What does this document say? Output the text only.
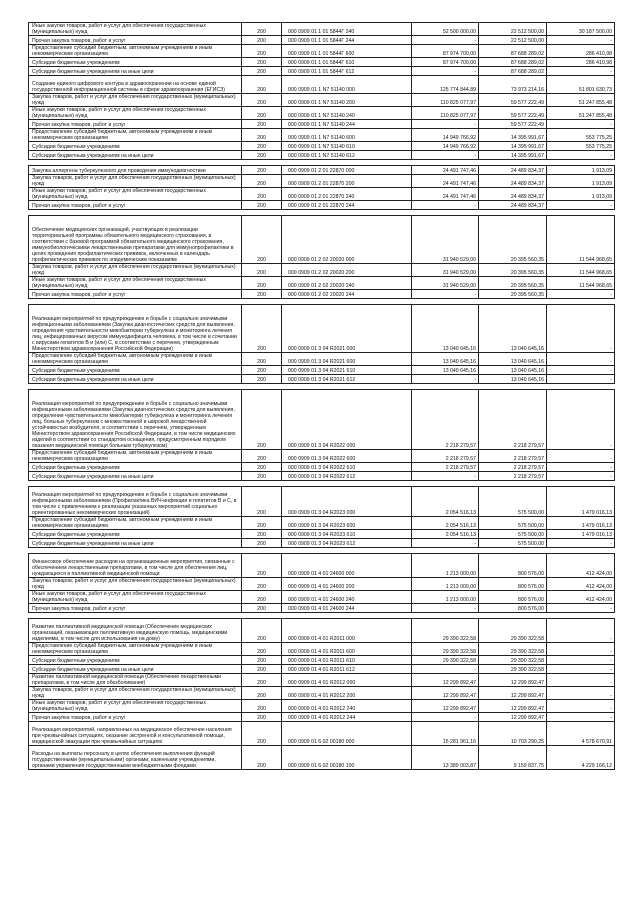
Иные закупки товаров, работ и услуг для обеспечения государственных (муниципальных) нужд	200	000 0909 01 1 01 5844Г 240	52 500 000,00	22 512 500,00	30 187 500,00
Прочая закупка товаров, работ и услуг	200	000 0909 01 1 01 5844Г 244	-	22 512 500,00	-
Предоставление субсидий бюджетным, автономным учреждениям и иным некоммерческим организациям	200	000 0909 01 1 01 5844Г 600	87 974 700,00	87 688 289,02	286 410,98
Субсидии бюджетным учреждениям	200	000 0909 01 1 01 5844Г 610	87 974 700,00	87 688 289,02	286 410,98
Субсидии бюджетным учреждениям на иные цели	200	000 0909 01 1 01 5844Г 612	-	87 688 289,02	-
Создание единого цифрового контура в здравоохранении на основе единой государственной информационной системы в сфере здравоохранения (ЕГИСЗ)	200	000 0909 01 1 N7 51140 000	125 774 844,89	73 973 214,16	51 801 630,73
Закупка товаров, работ и услуг для обеспечения государственных (муниципальных) нужд	200	000 0909 01 1 N7 51140 200	110 825 077,97	59 577 222,49	51 247 855,48
Иные закупки товаров, работ и услуг для обеспечения государственных (муниципальных) нужд	200	000 0909 01 1 N7 51140 240	110 825 077,97	59 577 222,49	51 247 855,48
Прочая закупка товаров, работ и услуг	200	000 0909 01 1 N7 51140 244	-	59 577 222,49	-
Предоставление субсидий бюджетным, автономным учреждениям и иным некоммерческим организациям	200	000 0909 01 1 N7 51140 600	14 949 766,92	14 395 991,67	553 775,25
Субсидии бюджетным учреждениям	200	000 0909 01 1 N7 51140 610	14 949 766,92	14 395 991,67	553 775,25
Субсидии бюджетным учреждениям на иные цели	200	000 0909 01 1 N7 51140 612	-	14 395 991,67	-

Закупка аллергена туберкулезного для проведения иммунодиагностики	200	000 0909 01 2 01 22870 000	24 491 747,46	24 489 834,37	1 913,09
Закупка товаров, работ и услуг для обеспечения государственных (муниципальных) нужд	200	000 0909 01 2 01 22870 200	24 491 747,46	24 489 834,37	1 913,09
Иные закупки товаров, работ и услуг для обеспечения государственных (муниципальных) нужд	200	000 0909 01 2 01 22870 240	24 491 747,46	24 489 834,37	1 913,09
Прочая закупка товаров, работ и услуг	200	000 0909 01 2 01 22870 244	-	24 489 834,37	-

Обеспечение медицинских организаций, участвующих в реализации территориальной программы обязательного медицинского страхования, в соответствии с базовой программой обязательного медицинского страхования, иммунобиологическими лекарственными препаратами для иммунопрофилактики в целях проведения профилактических прививок, включенных в календарь профилактических прививок по эпидемическим показаниям	200	000 0909 01 2 02 20020 000	31 940 529,00	20 395 560,35	11 544 968,65
Закупка товаров, работ и услуг для обеспечения государственных (муниципальных) нужд	200	000 0909 01 2 02 20020 200	31 940 529,00	20 395 560,35	11 544 968,65
Иные закупки товаров, работ и услуг для обеспечения государственных (муниципальных) нужд	200	000 0909 01 2 02 20020 240	31 940 529,00	20 395 560,35	11 544 968,65
Прочая закупка товаров, работ и услуг	200	000 0909 01 2 02 20020 244	-	20 395 560,35	-

Реализация мероприятий по предупреждению и борьбе с социально значимыми инфекционными заболеваниями (Закупка диагностических средств для выявления, определения чувствительности микобактерии туберкулеза и мониторинга лечения лиц, инфицированных вирусом иммунодефицита человека, в том числе в сочетании с вирусами гепатитов В и (или) С, в соответствии с перечнем, утвержденным Министерством здравоохранения Российской Федерации)	200	000 0909 01 3 04 R2021 000	13 040 645,16	13 040 645,16	-
Предоставление субсидий бюджетным, автономным учреждениям и иным некоммерческим организациям	200	000 0909 01 3 04 R2021 600	13 040 645,16	13 040 645,16	-
Субсидии бюджетным учреждениям	200	000 0909 01 3 04 R2021 610	13 040 645,16	13 040 645,16	-
Субсидии бюджетным учреждениям на иные цели	200	000 0909 01 3 04 R2021 612	-	13 040 645,16	-

Реализация мероприятий по предупреждению и борьбе с социально значимыми инфекционными заболеваниями (Закупка диагностических средств для выявления, определения чувствительности микобактерии туберкулеза и мониторинга лечения лиц, больных туберкулезом с множественной и широкой лекарственной устойчивостью возбудителя, в соответствии с перечнем, утвержденным Министерством здравоохранения Российской Федерации, в том числе медицинских изделий в соответствии со стандартом оснащения, предусмотренным порядком оказания медицинской помощи больным туберкулезом)	200	000 0909 01 3 04 R2022 000	2 218 279,57	2 218 279,57	-
Предоставление субсидий бюджетным, автономным учреждениям и иным некоммерческим организациям	200	000 0909 01 3 04 R2022 600	2 218 279,57	2 218 279,57	-
Субсидии бюджетным учреждениям	200	000 0909 01 3 04 R2022 610	2 218 279,57	2 218 279,57	-
Субсидии бюджетным учреждениям на иные цели	200	000 0909 01 3 04 R2022 612	-	2 218 279,57	-

Реализация мероприятий по предупреждению и борьбе с социально значимыми инфекционными заболеваниями (Профилактика ВИЧ-инфекции и гепатитов В и С, в том числе с привлечением к реализации указанных мероприятий социально ориентированных некоммерческих организаций)	200	000 0909 01 3 04 R2023 000	2 054 516,13	575 500,00	1 479 016,13
Предоставление субсидий бюджетным, автономным учреждениям и иным некоммерческим организациям	200	000 0909 01 3 04 R2023 600	2 054 516,13	575 500,00	1 479 016,13
Субсидии бюджетным учреждениям	200	000 0909 01 3 04 R2023 610	2 054 516,13	575 500,00	1 479 016,13
Субсидии бюджетным учреждениям на иные цели	200	000 0909 01 3 04 R2023 612	-	575 500,00	-

Финансовое обеспечение расходов на организационные мероприятия, связанные с обеспечением лекарственными препаратами, в том числе для обеспечения лиц, нуждающихся в паллиативной медицинской помощи	200	000 0909 01 4 01 24600 000	1 213 000,00	800 576,00	412 424,00
Закупка товаров, работ и услуг для обеспечения государственных (муниципальных) нужд	200	000 0909 01 4 01 24600 200	1 213 000,00	800 576,00	412 424,00
Иные закупки товаров, работ и услуг для обеспечения государственных (муниципальных) нужд	200	000 0909 01 4 01 24600 240	1 213 000,00	800 576,00	412 424,00
Прочая закупка товаров, работ и услуг	200	000 0909 01 4 01 24600 244	-	800 576,00	-

Развитие паллиативной медицинской помощи (Обеспечение медицинских организаций, оказывающих паллиативную медицинскую помощь, медицинскими изделиями, в том числе для использования на дому)	200	000 0909 01 4 01 R2011 000	29 390 322,58	29 390 322,58	-
Предоставление субсидий бюджетным, автономным учреждениям и иным некоммерческим организациям	200	000 0909 01 4 01 R2011 600	29 390 322,58	29 390 322,58	-
Субсидии бюджетным учреждениям	200	000 0909 01 4 01 R2011 610	29 390 322,58	29 390 322,58	-
Субсидии бюджетным учреждениям на иные цели	200	000 0909 01 4 01 R2011 612	-	29 390 322,58	-
Развитие паллиативной медицинской помощи (Обеспечение лекарственными препаратами, в том числе для обезболивания)	200	000 0909 01 4 01 R2012 000	12 299 892,47	12 299 892,47	-
Закупка товаров, работ и услуг для обеспечения государственных (муниципальных) нужд	200	000 0909 01 4 01 R2012 200	12 299 892,47	12 299 892,47	-
Иные закупки товаров, работ и услуг для обеспечения государственных (муниципальных) нужд	200	000 0909 01 4 01 R2012 240	12 299 892,47	12 299 892,47	-
Прочая закупка товаров, работ и услуг	200	000 0909 01 4 01 R2012 244	-	12 299 892,47	-
Реализация мероприятий, направленных на медицинское обеспечение населения при чрезвычайных ситуациях, оказание экстренной и консультативной помощи, медицинской эвакуации при чрезвычайных ситуациях	200	000 0909 01 6 02 00180 000	15 281 961,16	10 703 290,25	4 578 670,91
Расходы на выплаты персоналу в целях обеспечения выполнения функций государственными (муниципальными) органами, казенными учреждениями, органами управления государственными внебюджетными фондами	200	000 0909 01 6 02 00180 100	13 389 003,87	9 159 837,75	4 229 166,12
